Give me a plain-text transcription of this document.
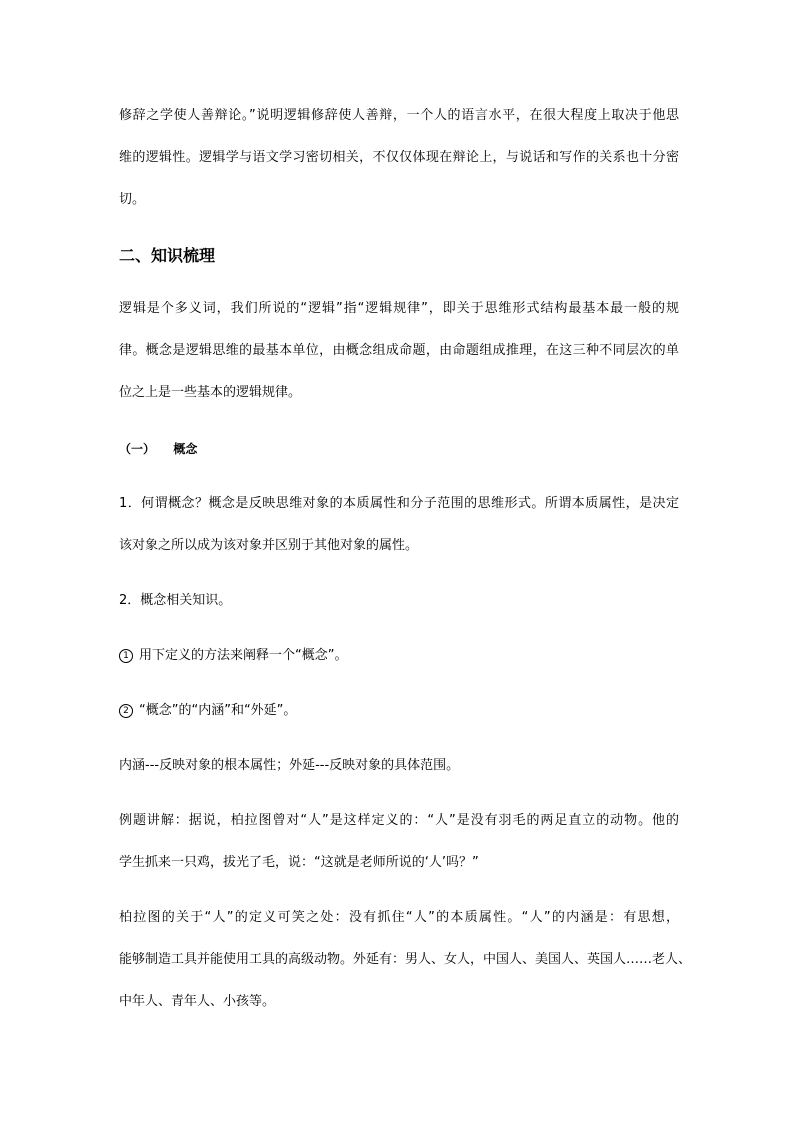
修辞之学使人善辩论。”说明逻辑修辞使人善辩，一个人的语言水平，在很大程度上取决于他思
维的逻辑性。逻辑学与语文学习密切相关，不仅仅体现在辩论上，与说话和写作的关系也十分密
切。
二、知识梳理
逻辑是个多义词，我们所说的“逻辑”指“逻辑规律”，即关于思维形式结构最基本最一般的规
律。概念是逻辑思维的最基本单位，由概念组成命题，由命题组成推理，在这三种不同层次的单
位之上是一些基本的逻辑规律。
（一） 概念
1．何谓概念？概念是反映思维对象的本质属性和分子范围的思维形式。所谓本质属性，是决定
该对象之所以成为该对象并区别于其他对象的属性。
2．概念相关知识。
1 用下定义的方法来阐释一个“概念”。
2 “概念”的“内涵”和“外延”。
内涵---反映对象的根本属性；外延---反映对象的具体范围。
例题讲解：据说，柏拉图曾对“人”是这样定义的：“人”是没有羽毛的两足直立的动物。他的
学生抓来一只鸡，拔光了毛，说：“这就是老师所说的‘人’吗？”
柏拉图的关于“人”的定义可笑之处：没有抓住“人”的本质属性。“人”的内涵是：有思想，
能够制造工具并能使用工具的高级动物。外延有：男人、女人，中国人、美国人、英国人……老人、
中年人、青年人、小孩等。
